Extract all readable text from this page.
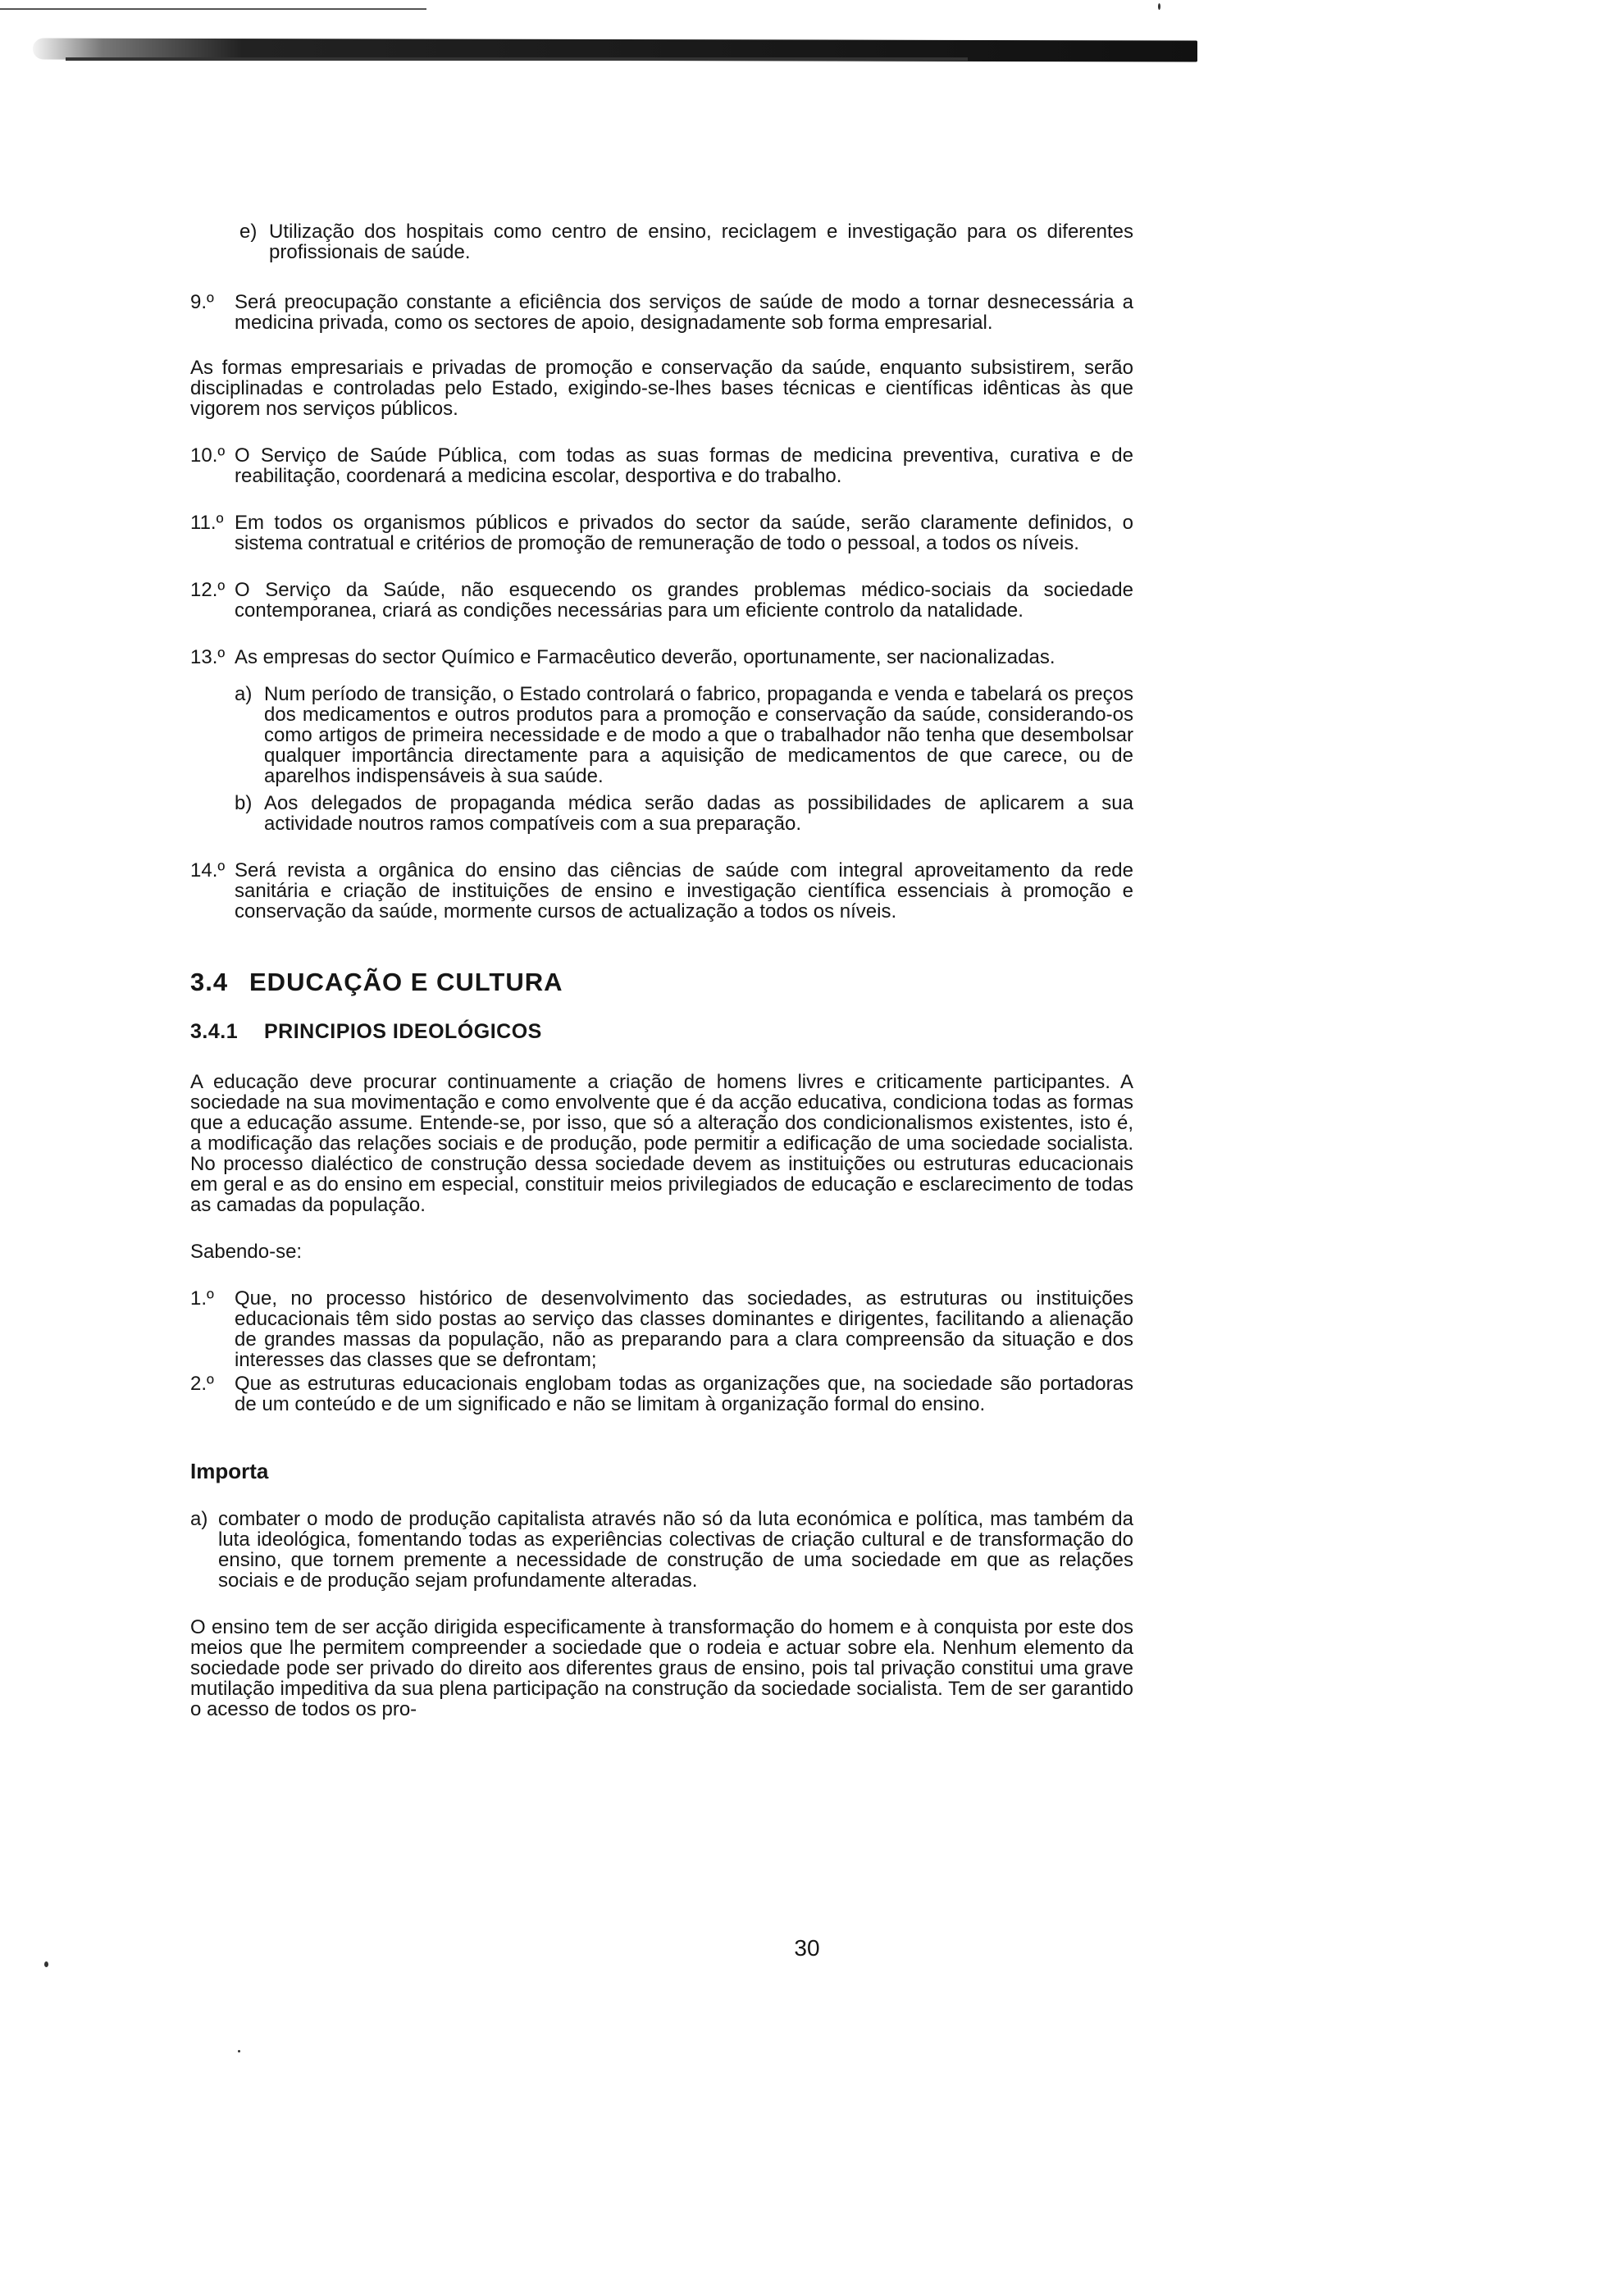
e) Utilização dos hospitais como centro de ensino, reciclagem e investigação para os diferentes profissionais de saúde.
9.º	Será preocupação constante a eficiência dos serviços de saúde de modo a tornar desnecessária a medicina privada, como os sectores de apoio, designadamente sob forma empresarial.

As formas empresariais e privadas de promoção e conservação da saúde, enquanto subsistirem, serão disciplinadas e controladas pelo Estado, exigindo-se-lhes bases técnicas e científicas idênticas às que vigorem nos serviços públicos.

10.º O Serviço de Saúde Pública, com todas as suas formas de medicina preventiva, curativa e de reabilitação, coordenará a medicina escolar, desportiva e do trabalho.
11.º Em todos os organismos públicos e privados do sector da saúde, serão claramente definidos, o sistema contratual e critérios de promoção de remuneração de todo o pessoal, a todos os níveis.
12.º O Serviço da Saúde, não esquecendo os grandes problemas médico-sociais da sociedade contemporanea, criará as condições necessárias para um eficiente controlo da natalidade.
13.º As empresas do sector Químico e Farmacêutico deverão, oportunamente, ser nacionalizadas.
a) Num período de transição, o Estado controlará o fabrico, propaganda e venda e tabelará os preços dos medicamentos e outros produtos para a promoção e conservação da saúde, considerando-os como artigos de primeira necessidade e de modo a que o trabalhador não tenha que desembolsar qualquer importância directamente para a aquisição de medicamentos de que carece, ou de aparelhos indispensáveis à sua saúde.
b) Aos delegados de propaganda médica serão dadas as possibilidades de aplicarem a sua actividade noutros ramos compatíveis com a sua preparação.
14.º Será revista a orgânica do ensino das ciências de saúde com integral aproveitamento da rede sanitária e criação de instituições de ensino e investigação científica essenciais à promoção e conservação da saúde, mormente cursos de actualização a todos os níveis.
3.4 EDUCAÇÃO E CULTURA
3.4.1	PRINCIPIOS IDEOLÓGICOS

A educação deve procurar continuamente a criação de homens livres e criticamente participantes. A sociedade na sua movimentação e como envolvente que é da acção educativa, condiciona todas as formas que a educação assume. Entende-se, por isso, que só a alteração dos condicionalismos existentes, isto é, a modificação das relações sociais e de produção, pode permitir a edificação de uma sociedade socialista. No processo dialéctico de construção dessa sociedade devem as instituições ou estruturas educacionais em geral e as do ensino em especial, constituir meios privilegiados de educação e esclarecimento de todas as camadas da população.

Sabendo-se:

1.º	Que, no processo histórico de desenvolvimento das sociedades, as estruturas ou instituições educacionais têm sido postas ao serviço das classes dominantes e dirigentes, facilitando a alienação de grandes massas da população, não as preparando para a clara compreensão da situação e dos interesses das classes que se defrontam;
2.º	Que as estruturas educacionais englobam todas as organizações que, na sociedade são portadoras de um conteúdo e de um significado e não se limitam à organização formal do ensino.
Importa
a) combater o modo de produção capitalista através não só da luta económica e política, mas também da luta ideológica, fomentando todas as experiências colectivas de criação cultural e de transformação do ensino, que tornem premente a necessidade de construção de uma sociedade em que as relações sociais e de produção sejam profundamente alteradas.

O ensino tem de ser acção dirigida especificamente à transformação do homem e à conquista por este dos meios que lhe permitem compreender a sociedade que o rodeia e actuar sobre ela. Nenhum elemento da sociedade pode ser privado do direito aos diferentes graus de ensino, pois tal privação constitui uma grave mutilação impeditiva da sua plena participação na construção da sociedade socialista. Tem de ser garantido o acesso de todos os pro-

30
